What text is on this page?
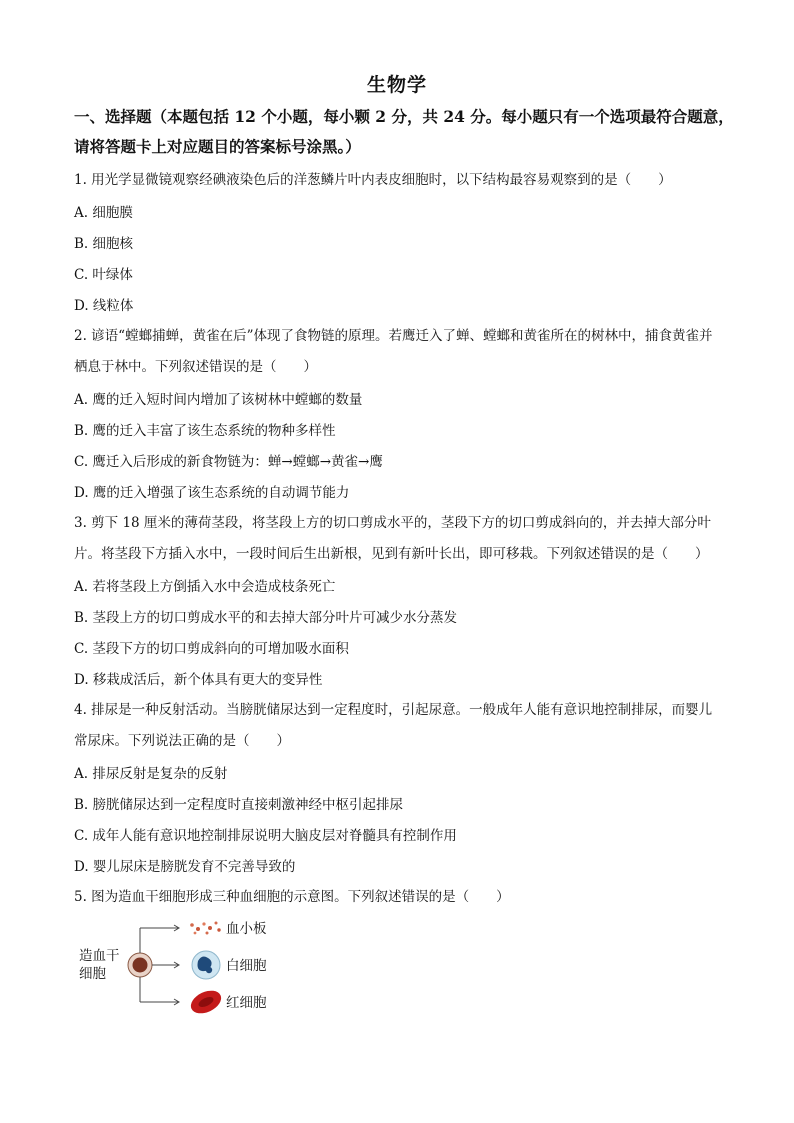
生物学
一、选择题（本题包括 12 个小题，每小颗 2 分，共 24 分。每小题只有一个选项最符合题意，请将答题卡上对应题目的答案标号涂黑。）
1. 用光学显微镜观察经碘液染色后的洋葱鳞片叶内表皮细胞时，以下结构最容易观察到的是（　　）
A. 细胞膜
B. 细胞核
C. 叶绿体
D. 线粒体
2. 谚语“螳螂捕蝉，黄雀在后”体现了食物链的原理。若鹰迁入了蝉、螳螂和黄雀所在的树林中，捕食黄雀并栖息于林中。下列叙述错误的是（　　）
A. 鹰的迁入短时间内增加了该树林中螳螂的数量
B. 鹰的迁入丰富了该生态系统的物种多样性
C. 鹰迁入后形成的新食物链为：蝉→螳螂→黄雀→鹰
D. 鹰的迁入增强了该生态系统的自动调节能力
3. 剪下 18 厘米的薄荷茎段，将茎段上方的切口剪成水平的，茎段下方的切口剪成斜向的，并去掉大部分叶片。将茎段下方插入水中，一段时间后生出新根，见到有新叶长出，即可移栽。下列叙述错误的是（　　）
A. 若将茎段上方倒插入水中会造成枝条死亡
B. 茎段上方的切口剪成水平的和去掉大部分叶片可减少水分蒸发
C. 茎段下方的切口剪成斜向的可增加吸水面积
D. 移栽成活后，新个体具有更大的变异性
4. 排尿是一种反射活动。当膀胱储尿达到一定程度时，引起尿意。一般成年人能有意识地控制排尿，而婴儿常尿床。下列说法正确的是（　　）
A. 排尿反射是复杂的反射
B. 膀胱储尿达到一定程度时直接刺激神经中枢引起排尿
C. 成年人能有意识地控制排尿说明大脑皮层对脊髓具有控制作用
D. 婴儿尿床是膀胱发育不完善导致的
5. 图为造血干细胞形成三种血细胞的示意图。下列叙述错误的是（　　）
造血干
细胞
血小板
白细胞
红细胞
